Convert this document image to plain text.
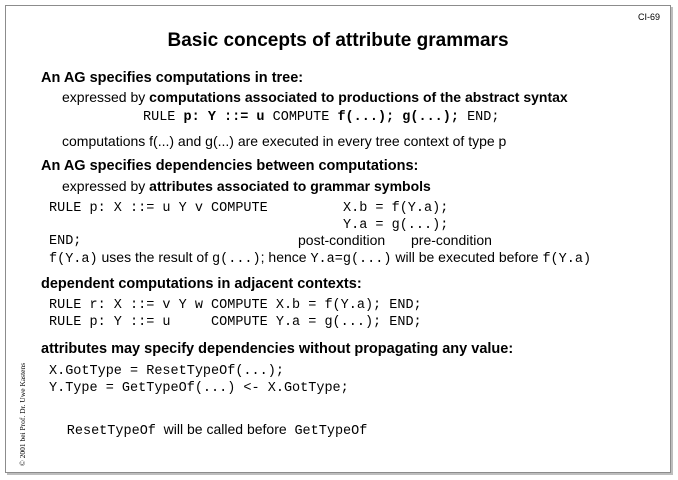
CI-69
Basic concepts of attribute grammars
An AG specifies computations in tree:
expressed by computations associated to productions of the abstract syntax
RULE p: Y ::= u COMPUTE f(...); g(...); END;
computations f(...) and g(...) are executed in every tree context of type p
An AG specifies dependencies between computations:
expressed by attributes associated to grammar symbols
RULE p: X ::= u Y v COMPUTE	X.b = f(Y.a);
Y.a = g(...);
END;	post-condition pre-condition
f(Y.a) uses the result of g(...); hence Y.a=g(...) will be executed before f(Y.a)
dependent computations in adjacent contexts:
RULE r: X ::= v Y w COMPUTE X.b = f(Y.a); END;
RULE p: Y ::= u     COMPUTE Y.a = g(...); END;
attributes may specify dependencies without propagating any value:
X.GotType = ResetTypeOf(...);
Y.Type = GetTypeOf(...) <- X.GotType;

ResetTypeOf  will be called before  GetTypeOf

© 2001 bei Prof. Dr. Uwe Kastens
